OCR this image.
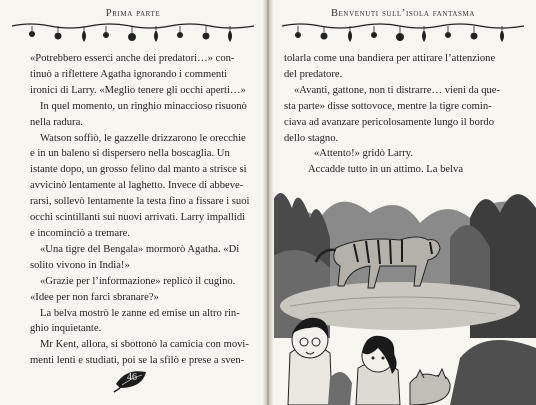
Prima parte

«Potrebbero esserci anche dei predatori…» con-

tinuò a riflettere Agatha ignorando i commenti

ironici di Larry. «Meglio tenere gli occhi aperti…»

In quel momento, un ringhio minaccioso risuonò

nella radura.

Watson soffiò, le gazzelle drizzarono le orecchie

e in un baleno si dispersero nella boscaglia. Un

istante dopo, un grosso felino dal manto a strisce si

avvicinò lentamente al laghetto. Invece di abbeve-

rarsi, sollevò lentamente la testa fino a fissare i suoi

occhi scintillanti sui nuovi arrivati. Larry impallidì

e incominciò a tremare.

«Una tigre del Bengala» mormorò Agatha. «Di

solito vivono in India!»

«Grazie per l’informazione» replicò il cugino.

«Idee per non farci sbranare?»

La belva mostrò le zanne ed emise un altro rin-

ghio inquietante.

Mr Kent, allora, si sbottonò la camicia con movi-

menti lenti e studiati, poi se la sfilò e prese a sven-

46
Benvenuti sull’isola fantasma

tolarla come una bandiera per attirare l’attenzione

del predatore.

«Avanti, gattone, non ti distrarre… vieni da que-

sta parte» disse sottovoce, mentre la tigre comin-

ciava ad avanzare pericolosamente lungo il bordo

dello stagno.

«Attento!» gridò Larry.

Accadde tutto in un attimo. La belva
